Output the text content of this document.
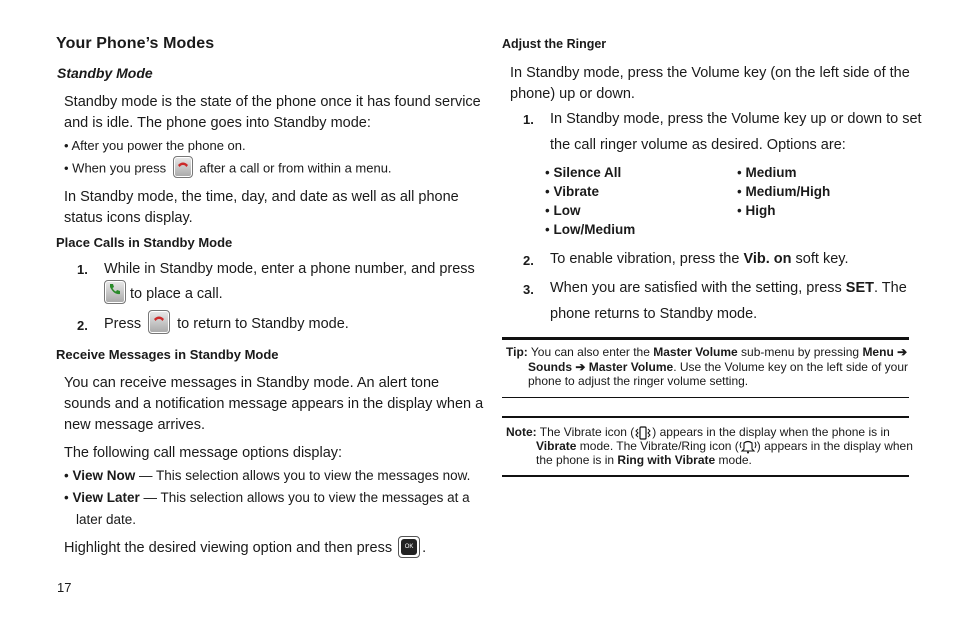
Your Phone’s Modes
Standby Mode
Standby mode is the state of the phone once it has found service
and is idle. The phone goes into Standby mode:
• After you power the phone on.
• When you press	after a call or from within a menu.
In Standby mode, the time, day, and date as well as all phone
status icons display.
Place Calls in Standby Mode
1. While in Standby mode, enter a phone number, and press
to place a call.
2. Press to return to Standby mode.
Receive Messages in Standby Mode
You can receive messages in Standby mode. An alert tone
sounds and a notification message appears in the display when a
new message arrives.
The following call message options display:
• View Now — This selection allows you to view the messages now.
• View Later — This selection allows you to view the messages at a
later date.
Highlight the desired viewing option and then press	OK .
17
Adjust the Ringer
In Standby mode, press the Volume key (on the left side of the
phone) up or down.
1. In Standby mode, press the Volume key up or down to set
the call ringer volume as desired. Options are:
• Silence All
• Vibrate
• Low
• Low/Medium
• Medium
• Medium/High
• High
2. To enable vibration, press the Vib. on soft key.
3. When you are satisfied with the setting, press SET. The
phone returns to Standby mode.
Tip: You can also enter the Master Volume sub-menu by pressing Menu ➔
Sounds ➔ Master Volume. Use the Volume key on the left side of your
phone to adjust the ringer volume setting.
Note: The Vibrate icon ( ) appears in the display when the phone is in
Vibrate mode. The Vibrate/Ring icon ( ) appears in the display when
the phone is in Ring with Vibrate mode.
